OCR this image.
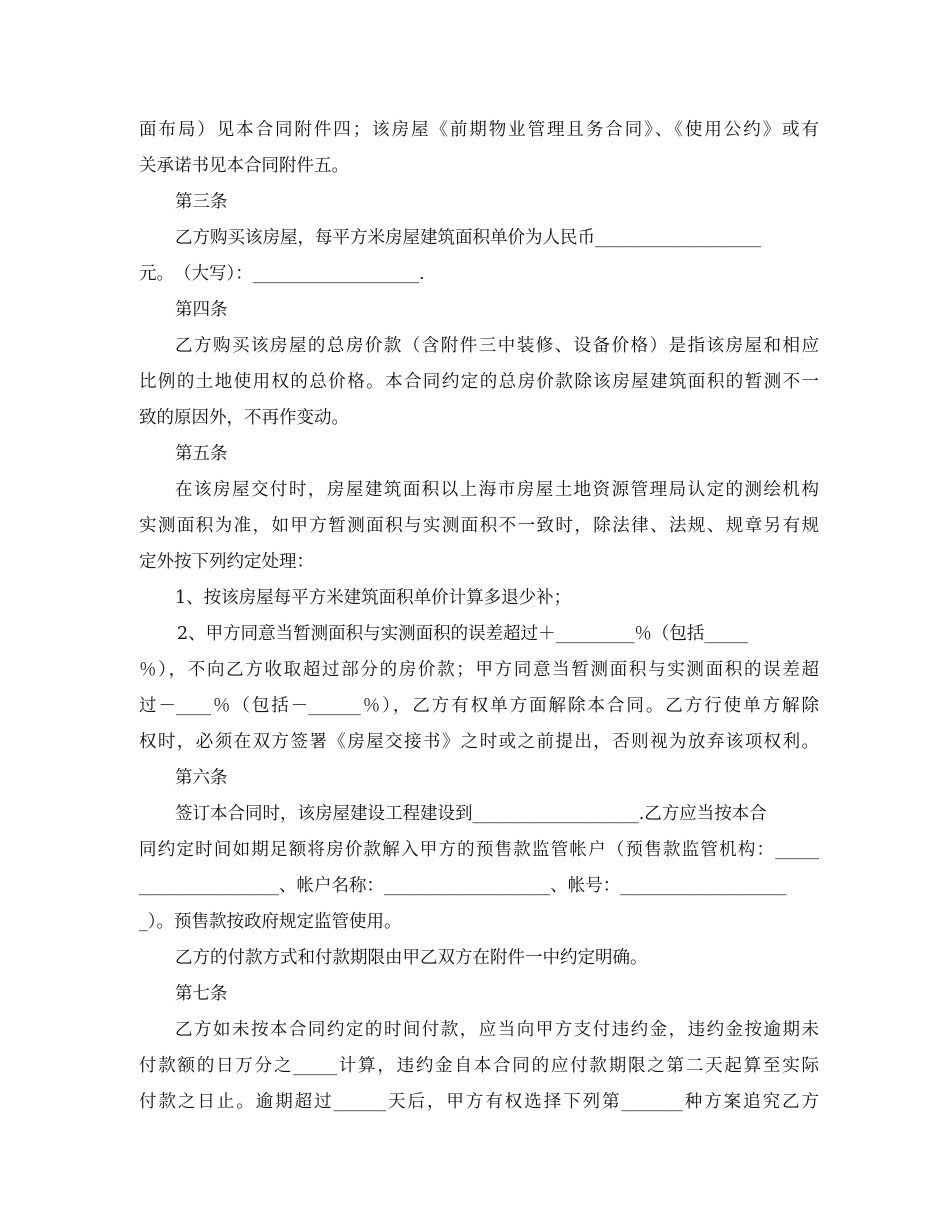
面布局）见本合同附件四；该房屋《前期物业管理且务合同》、《使用公约》或有
关承诺书见本合同附件五。
第三条
乙方购买该房屋，每平方米房屋建筑面积单价为人民币___________________
元。　（大写）：___________________.
第四条
乙方购买该房屋的总房价款（含附件三中装修、设备价格）是指该房屋和相应
比例的土地使用权的总价格。本合同约定的总房价款除该房屋建筑面积的暂测不一
致的原因外，不再作变动。
第五条
在该房屋交付时，房屋建筑面积以上海市房屋土地资源管理局认定的测绘机构
实测面积为准，如甲方暂测面积与实测面积不一致时，除法律、法规、规章另有规
定外按下列约定处理：
1、按该房屋每平方米建筑面积单价计算多退少补；
2、甲方同意当暂测面积与实测面积的误差超过＋_________％（包括_____
％），不向乙方收取超过部分的房价款；甲方同意当暂测面积与实测面积的误差超
过－____％（包括－______％），乙方有权单方面解除本合同。乙方行使单方解除
权时，必须在双方签署《房屋交接书》之时或之前提出，否则视为放弃该项权利。
第六条
签订本合同时，该房屋建设工程建设到___________________.乙方应当按本合
同约定时间如期足额将房价款解入甲方的预售款监管帐户（预售款监管机构：_____
________________、帐户名称：___________________、帐号：___________________
_）。预售款按政府规定监管使用。
乙方的付款方式和付款期限由甲乙双方在附件一中约定明确。
第七条
乙方如未按本合同约定的时间付款，应当向甲方支付违约金，违约金按逾期未
付款额的日万分之_____计算，违约金自本合同的应付款期限之第二天起算至实际
付款之日止。逾期超过______天后，甲方有权选择下列第_______种方案追究乙方
